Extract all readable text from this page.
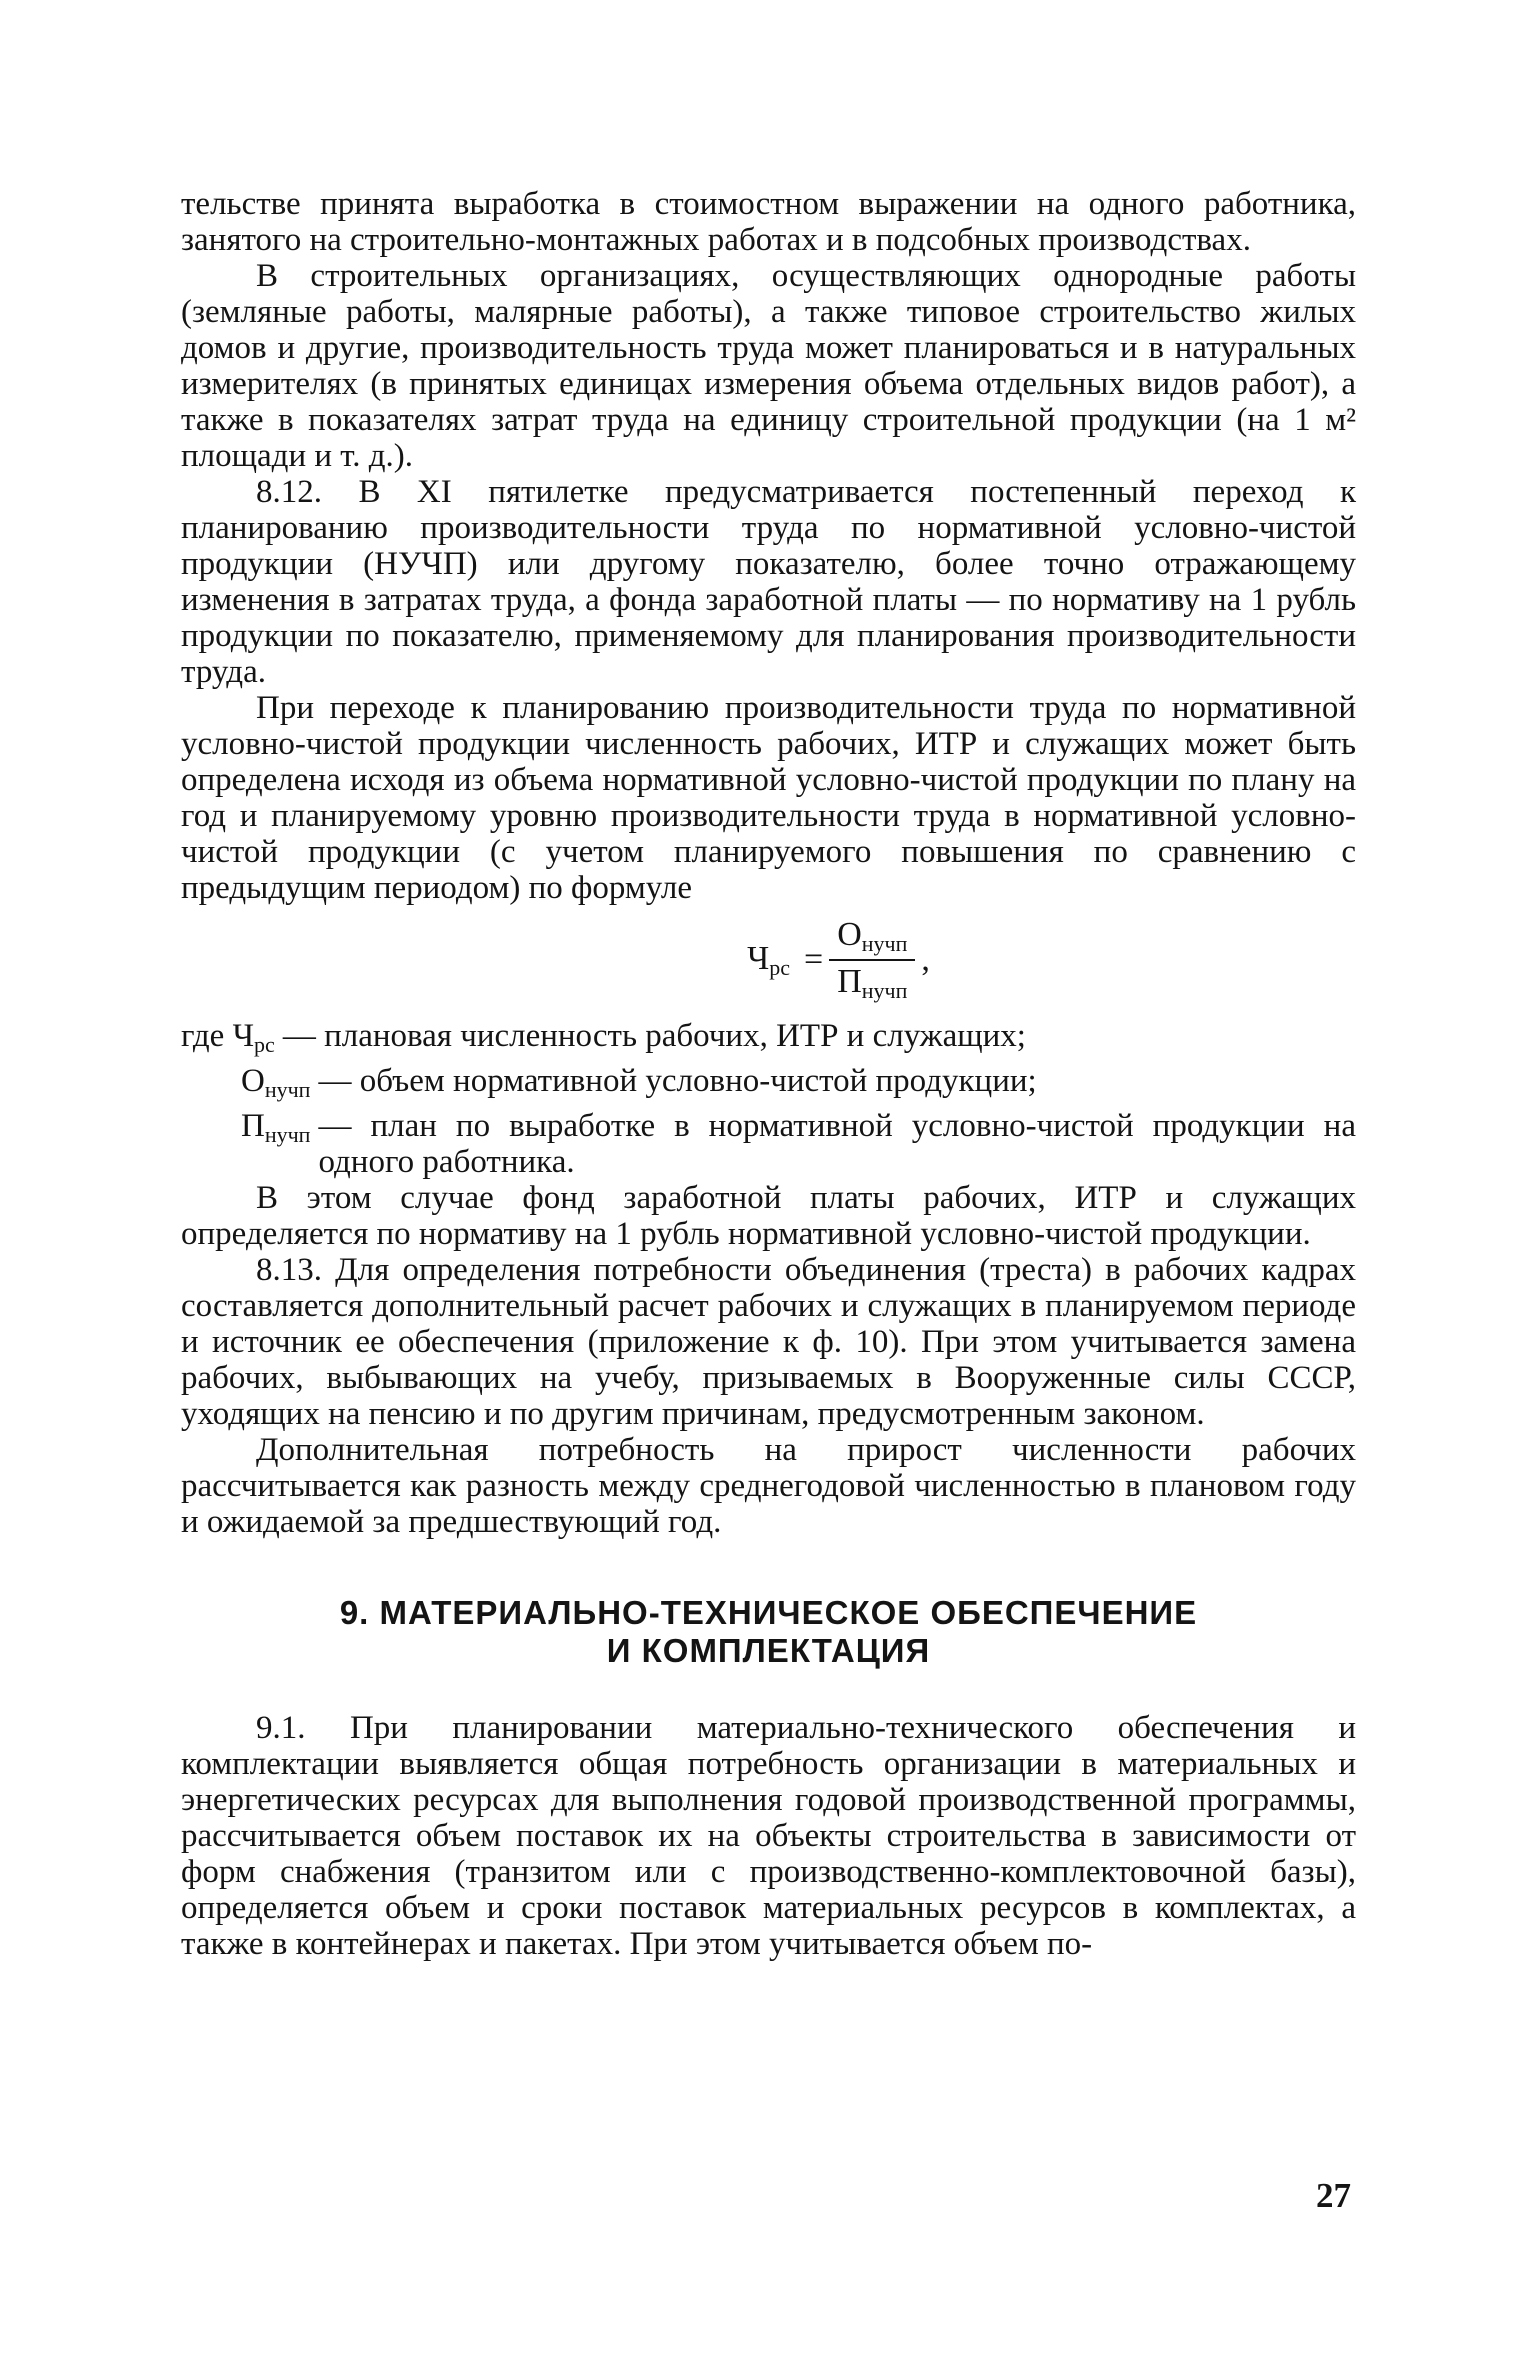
тельстве принята выработка в стоимостном выражении на одного работника, занятого на строительно-монтажных работах и в подсобных производствах.

В строительных организациях, осуществляющих однородные работы (земляные работы, малярные работы), а также типовое строительство жилых домов и другие, производительность труда может планироваться и в натуральных измерителях (в принятых единицах измерения объема отдельных видов работ), а также в показателях затрат труда на единицу строительной продукции (на 1 м² площади и т. д.).

8.12. В XI пятилетке предусматривается постепенный переход к планированию производительности труда по нормативной условно-чистой продукции (НУЧП) или другому показателю, более точно отражающему изменения в затратах труда, а фонда заработной платы — по нормативу на 1 рубль продукции по показателю, применяемому для планирования производительности труда.

При переходе к планированию производительности труда по нормативной условно-чистой продукции численность рабочих, ИТР и служащих может быть определена исходя из объема нормативной условно-чистой продукции по плану на год и планируемому уровню производительности труда в нормативной условно-чистой продукции (с учетом планируемого повышения по сравнению с предыдущим периодом) по формуле

$Ч_{рс} = \frac{О_{нучп}}{П_{нучп}}$ ,
где $Ч_{рс}$ — плановая численность рабочих, ИТР и служащих;
$О_{нучп}$ — объем нормативной условно-чистой продукции;
$П_{нучп}$ — план по выработке в нормативной условно-чистой продукции на одного работника.

В этом случае фонд заработной платы рабочих, ИТР и служащих определяется по нормативу на 1 рубль нормативной условно-чистой продукции.

8.13. Для определения потребности объединения (треста) в рабочих кадрах составляется дополнительный расчет рабочих и служащих в планируемом периоде и источник ее обеспечения (приложение к ф. 10). При этом учитывается замена рабочих, выбывающих на учебу, призываемых в Вооруженные силы СССР, уходящих на пенсию и по другим причинам, предусмотренным законом.

Дополнительная потребность на прирост численности рабочих рассчитывается как разность между среднегодовой численностью в плановом году и ожидаемой за предшествующий год.

9. МАТЕРИАЛЬНО-ТЕХНИЧЕСКОЕ ОБЕСПЕЧЕНИЕ
И КОМПЛЕКТАЦИЯ

9.1. При планировании материально-технического обеспечения и комплектации выявляется общая потребность организации в материальных и энергетических ресурсах для выполнения годовой производственной программы, рассчитывается объем поставок их на объекты строительства в зависимости от форм снабжения (транзитом или с производственно-комплектовочной базы), определяется объем и сроки поставок материальных ресурсов в комплектах, а также в контейнерах и пакетах. При этом учитывается объем по-

27
